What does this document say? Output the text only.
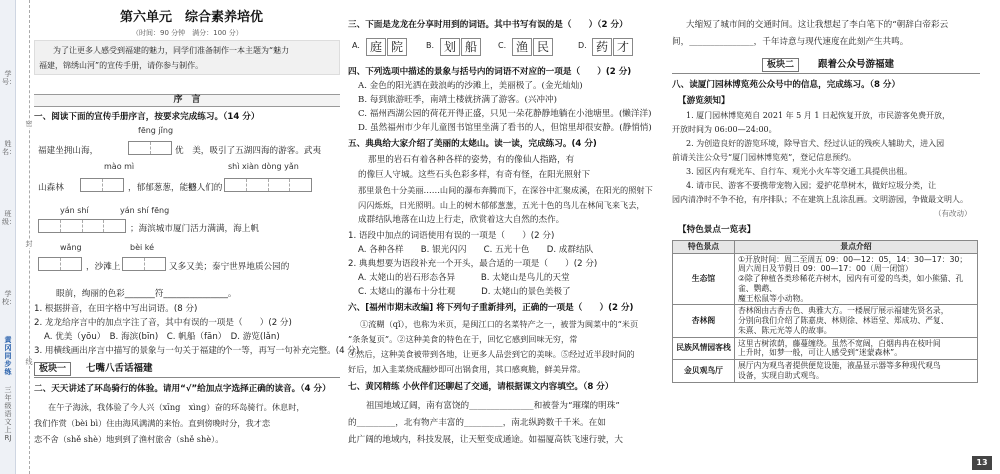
学号：
姓名：
班级：
学校：
黄冈同步练
三年级 语文 上 RJ
密
封
线
第六单元　综合素养培优
（时间：90 分钟　满分：100 分）
为了让更多人感受到福建的魅力，同学们准备制作一本主题为“魅力
福建，锦绣山河”的宣传手册，请你参与制作。
序　言
一、阅读下面的宣传手册序言，按要求完成练习。（14 分）
fēng jǐng
福建坐拥山海，	优　美，吸引了五湖四海的游客。武夷
mào mì	shì xiàn dòng yǎn
山森林	，郁郁葱葱，能够
把人们的
yán shí	yán shí fēng
；海滨城市厦门活力满满，海上帆
wǎng	bèi ké
，沙滩上	又多又美；泰宁世界地质公园的
眼前，绚丽的色彩_______符_______________。
1. 根据拼音，在田字格中写出词语。(8 分)
2. 龙龙给序言中的加点字注了音，其中有误的一项是（　　）(2 分)
A. 优美（yōu）　B. 海滨(bīn)　C. 帆船（fān）　D. 游览(lǎn)
3. 用横线画出序言中描写的景象与一句关于福建的
个一等，再写一句补充完整。(4 分)
板块一	七嘴八舌话福建
二、天天讲述了环岛骑行的体验。请用“√”给加点字选择正确的读音。（4 分）
在午子海泳，我体验了今人兴（xīng　xìng）奋的环岛骑行。休息时，
我们作赏（bèi bì）住由海风满满的来怡。直到傍晚时分，我才恋
恋不舍（shě shè）地到到了渔村旅舍（shě shè）。
三、下面是龙龙在分享时用到的词语。其中书写有误的是（　　）（2 分）
A. 庭 院	B. 划 船	C. 渔 民	D. 药 才
四、下列选项中描述的景象与括号内的词语不对应的一项是（　　）(2 分)
A. 金色的阳光洒在鼓浪屿的沙滩上，美丽极了。(金光灿灿)
B. 每到旅游旺季，南靖土楼就挤满了游客。(兴冲冲)
C. 福州西湖公园的荷花开得正盛，只见一朵花静静地躺在小池塘里。(懒洋洋)
D. 虽然福州市少年儿童图书馆里坐满了看书的人，但馆里却很安静。(静悄悄)
五、典典给大家介绍了美丽的太姥山。读一读，完成练习。(4 分)
那里的岩石有着各种各样的姿势，有的像仙人指路，有
的像巨人守城。这些石头色彩多样，有奇有怪，在阳光照射下
那里景色十分美丽……山间的瀑布奔腾而下，在深谷中汇聚成溪，在阳光的照射下
闪闪烁烁，日光照明。山上的树木郁郁葱葱，五光十色的鸟儿在林间飞来飞去，
成群结队地落在山边上行走，欣赏着这大自然的杰作。
1. 语段中加点的词语使用有误的一项是（　　）(2 分)
A. 各种各样　　B. 银光闪闪　　C. 五光十色　　D. 成群结队
2. 典典想要为语段补充一个开头，最合适的一项是（　　）(2 分)
A. 太姥山的岩石形态各异　　　B. 太姥山是鸟儿的天堂
C. 太姥山的瀑布十分壮观　　　D. 太姥山的景色美极了
六、[福州市期末改编] 将下列句子重新排列，正确的一项是（　　）(2 分)
①流糊（qǐ），也称为米页，是闽江口的名菜特产之一，被誉为闽菜中的“米页
”条条复页”。②这种美食的特色在于，回忆它感到回味无穷，常
④然后，这种美食被带到各地，让更多人品尝到它的美味。⑤经过近半段时间的
好后，加入韭菜烧成翻炒即可出锅食用，其口感爽脆，鲜美异常。
七、黄冈精练 小伙伴们还聊起了交通，请根据课文内容填空。（8 分）
祖国地域辽阔，南有富饶的_______________和被誉为“璀璨的明珠”
的_________，北有物产丰富的_________，南北纵跨数千千米。在如
此广阔的地域内，科技发展，让天堑变成通途。如福厦高铁飞速行驶，大
大缩短了城市间的交通时间。这让我想起了李白笔下的“朝辞白帝彩云
间，_______________，千年诗意与现代速度在此刻产生共鸣。
板块二	跟着公众号游福建
八、读厦门园林博览苑公众号中的信息，完成练习。（8 分）
【游览须知】
1. 厦门园林博览苑自 2021 年 5 月 1 日起恢复开放，市民游客免费开放，
开放时间为 06:00—24:00。
2. 为创造良好的游览环境，除导盲犬、经过认证的残疾人辅助犬，进入园
前请关注公众号“厦门园林博览苑”，登记信息预约。
3. 园区内有观光车、自行车、观光小火车等交通工具提供出租。
4. 请市民、游客不要携带宠物入园；爱护花草树木，做好垃圾分类，让
园内清净时不争不抢，有序排队；不在建筑上乱涂乱画。文明游园，争做最文明人。
（有改动）
【特色景点一览表】
特色景点	景点介绍
生态馆	①开放时间：周二至周五 09：00—12：05，14：30—17：30；
周六周日及节假日 09：00—17：00（周一闭馆）
②除了种植各类珍稀花卉树木，园内有可爱的鸟类，如小熊猫、孔雀、鹦鹉、
魔王松鼠等小动物。

杏林阁	杏林阁由古香古色、典雅大方。一楼展厅展示福建先贤名录，
分别向我们介绍了陈嘉庚、林则徐、林语堂、郑成功、严复、
朱熹、陈元光等人的故事。

民族风情园客栈	这里古树浓荫，藤蔓缠绕。虽然不宽阔，白烟冉冉在枝叶间
上升时，如梦一般，可让人感受到“迷蒙森林”。

金贝观鸟厅	展厅内为观鸟者提供便览设施，液晶显示器等多种现代观鸟
设备，实现自助式观鸟。
13
